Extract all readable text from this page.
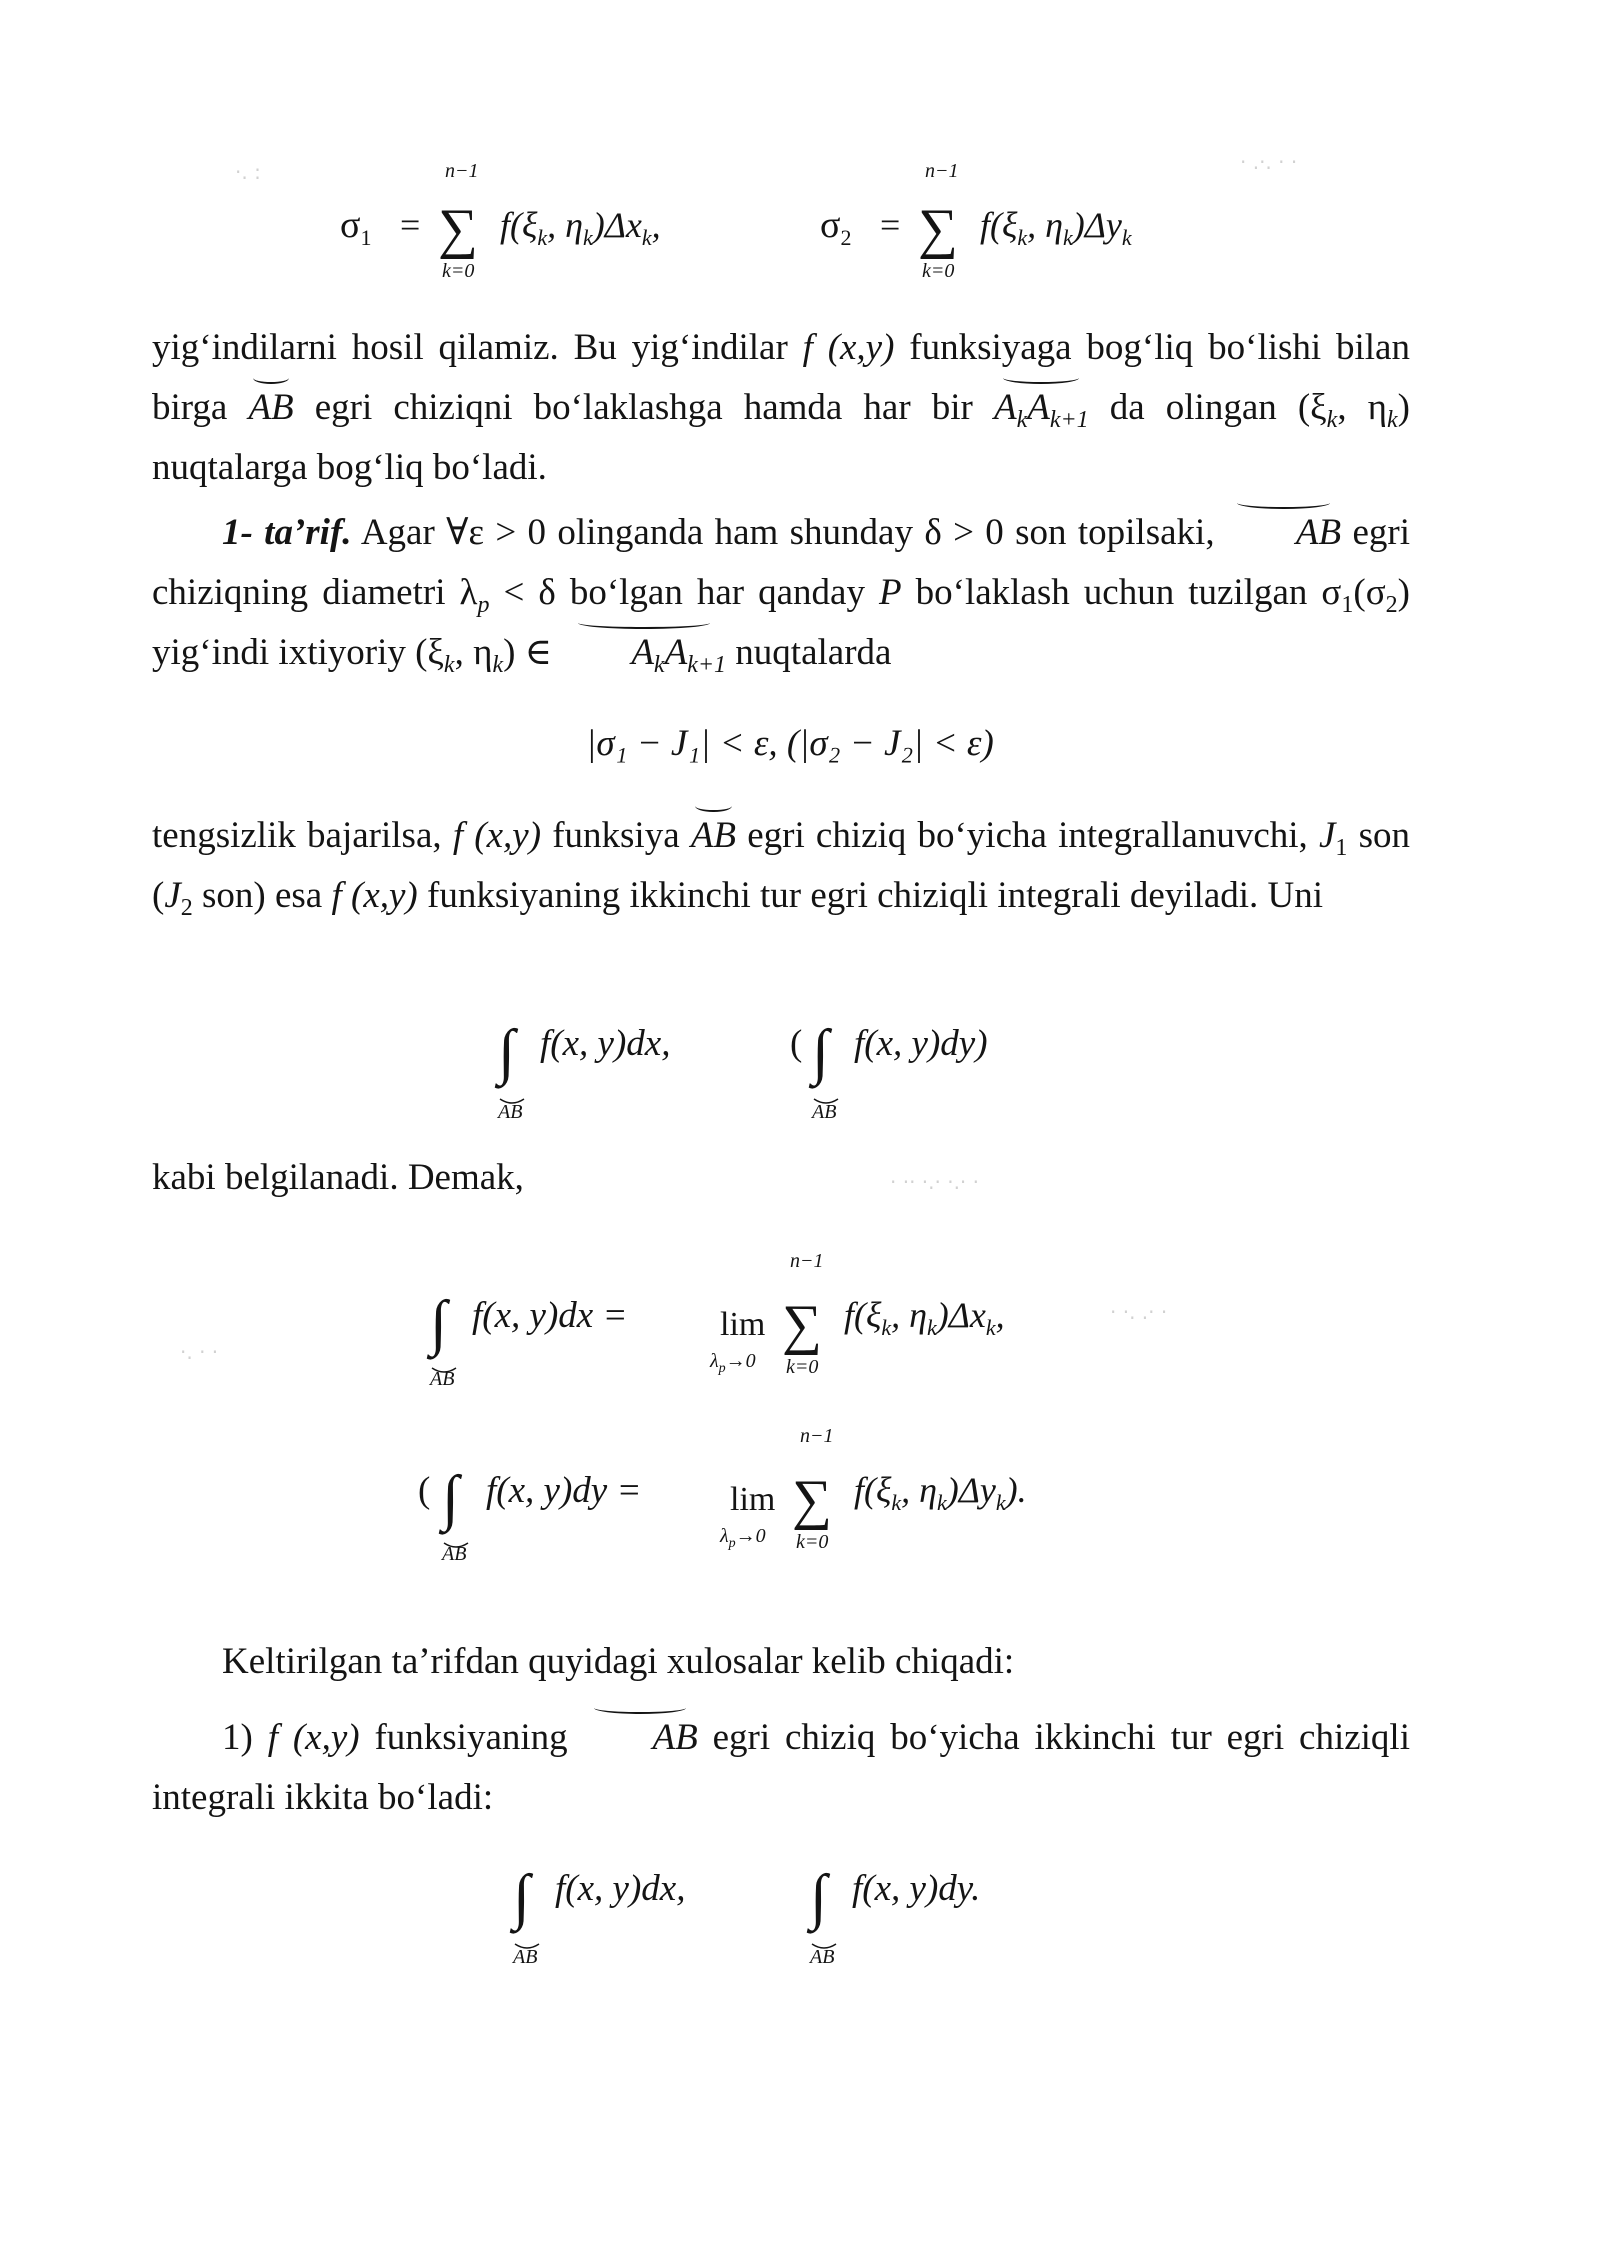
·. :	· .·. · ·
· ·· ·.· ·.· ·
· ·. .· ·
·. · ·
$\sigma_1$ =
n−1
∑
k=0
$f(\xi_k$, $\eta_k)\Delta x_k$,	$\sigma_2$ =
n−1
∑
k=0
$f(\xi_k$, $\eta_k)\Delta y_k$
yig‘indilarni hosil qilamiz. Bu yig‘indilar f (x,y) funksiyaga bog‘liq bo‘lishi bilan birga AB egri chiziqni bo‘laklashga hamda har bir $A_kA_{k+1}$ da olingan ($\xi_k$, $\eta_k$) nuqtalarga bog‘liq bo‘ladi.
1- ta’rif. Agar ∀ε > 0 olinganda ham shunday δ > 0 son topilsaki, AB egri chiziqning diametri $\lambda_p < \delta$ bo‘lgan har qanday P bo‘laklash uchun tuzilgan $\sigma_1(\sigma_2)$ yig‘indi ixtiyoriy ($\xi_k$, $\eta_k$) ∈ $A_kA_{k+1}$ nuqtalarda
|σ₁ − J₁| < ε, (|σ₂ − J₂| < ε)
tengsizlik bajarilsa, f (x,y) funksiya AB egri chiziq bo‘yicha integrallanuvchi, $J_1$ son ($J_2$ son) esa f (x,y) funksiyaning ikkinchi tur egri chiziqli integrali deyiladi. Uni
∫ f(x, y)dx,
AB
( ∫ f(x, y)dy)
AB
kabi belgilanadi. Demak,
∫
AB
f(x, y)dx =	lim
$\lambda_p\to 0$
n−1
∑
k=0
$f(\xi_k$, $\eta_k)\Delta x_k$,
( ∫
AB
f(x, y)dy =	lim
$\lambda_p\to 0$
n−1
∑
k=0
$f(\xi_k$, $\eta_k)\Delta y_k$).
Keltirilgan ta’rifdan quyidagi xulosalar kelib chiqadi:
1) f (x,y) funksiyaning AB egri chiziq bo‘yicha ikkinchi tur egri chiziqli integrali ikkita bo‘ladi:
∫
AB
f(x, y)dx, ∫
AB
f(x, y)dy.
